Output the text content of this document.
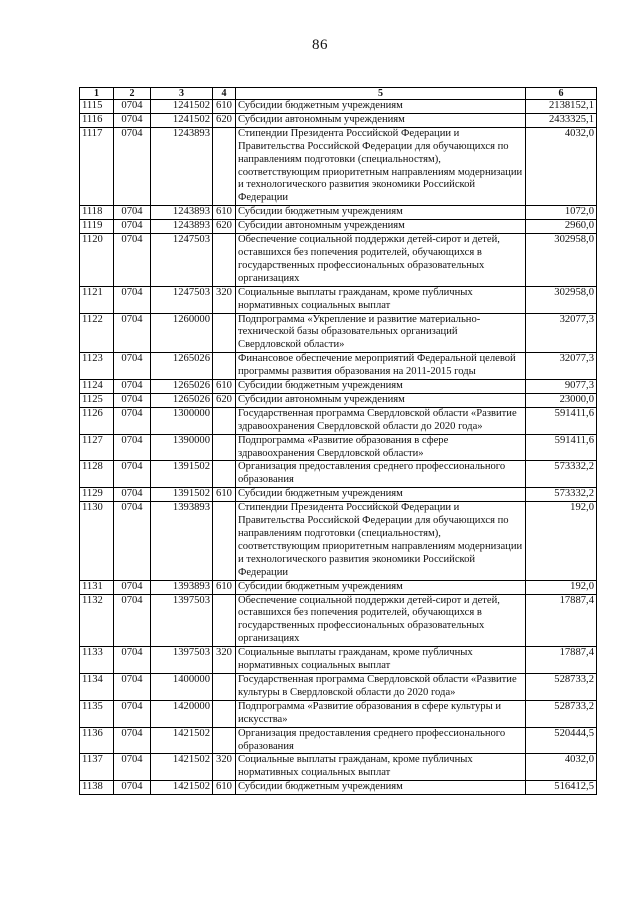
86
1	2	3	4	5	6
1115	0704	1241502	610	Субсидии бюджетным учреждениям	2138152,1
1116	0704	1241502	620	Субсидии автономным учреждениям	2433325,1
1117	0704	1243893		Стипендии Президента Российской Федерации и Правительства Российской Федерации для обучающихся по направлениям подготовки (специальностям), соответствующим приоритетным направлениям модернизации и технологического развития экономики Российской Федерации	4032,0
1118	0704	1243893	610	Субсидии бюджетным учреждениям	1072,0
1119	0704	1243893	620	Субсидии автономным учреждениям	2960,0
1120	0704	1247503		Обеспечение социальной поддержки детей-сирот и детей, оставшихся без попечения родителей, обучающихся в государственных профессиональных образовательных организациях	302958,0
1121	0704	1247503	320	Социальные выплаты гражданам, кроме публичных нормативных социальных выплат	302958,0
1122	0704	1260000		Подпрограмма «Укрепление и развитие материально-технической базы образовательных организаций Свердловской области»	32077,3
1123	0704	1265026		Финансовое обеспечение мероприятий Федеральной целевой программы развития образования на 2011-2015 годы	32077,3
1124	0704	1265026	610	Субсидии бюджетным учреждениям	9077,3
1125	0704	1265026	620	Субсидии автономным учреждениям	23000,0
1126	0704	1300000		Государственная программа Свердловской области «Развитие здравоохранения Свердловской области до 2020 года»	591411,6
1127	0704	1390000		Подпрограмма «Развитие образования в сфере здравоохранения Свердловской области»	591411,6
1128	0704	1391502		Организация предоставления среднего профессионального образования	573332,2
1129	0704	1391502	610	Субсидии бюджетным учреждениям	573332,2
1130	0704	1393893		Стипендии Президента Российской Федерации и Правительства Российской Федерации для обучающихся по направлениям подготовки (специальностям), соответствующим приоритетным направлениям модернизации и технологического развития экономики Российской Федерации	192,0
1131	0704	1393893	610	Субсидии бюджетным учреждениям	192,0
1132	0704	1397503		Обеспечение социальной поддержки детей-сирот и детей, оставшихся без попечения родителей, обучающихся в государственных профессиональных образовательных организациях	17887,4
1133	0704	1397503	320	Социальные выплаты гражданам, кроме публичных нормативных социальных выплат	17887,4
1134	0704	1400000		Государственная программа Свердловской области «Развитие культуры в Свердловской области до 2020 года»	528733,2
1135	0704	1420000		Подпрограмма «Развитие образования в сфере культуры и искусства»	528733,2
1136	0704	1421502		Организация предоставления среднего профессионального образования	520444,5
1137	0704	1421502	320	Социальные выплаты гражданам, кроме публичных нормативных социальных выплат	4032,0
1138	0704	1421502	610	Субсидии бюджетным учреждениям	516412,5
